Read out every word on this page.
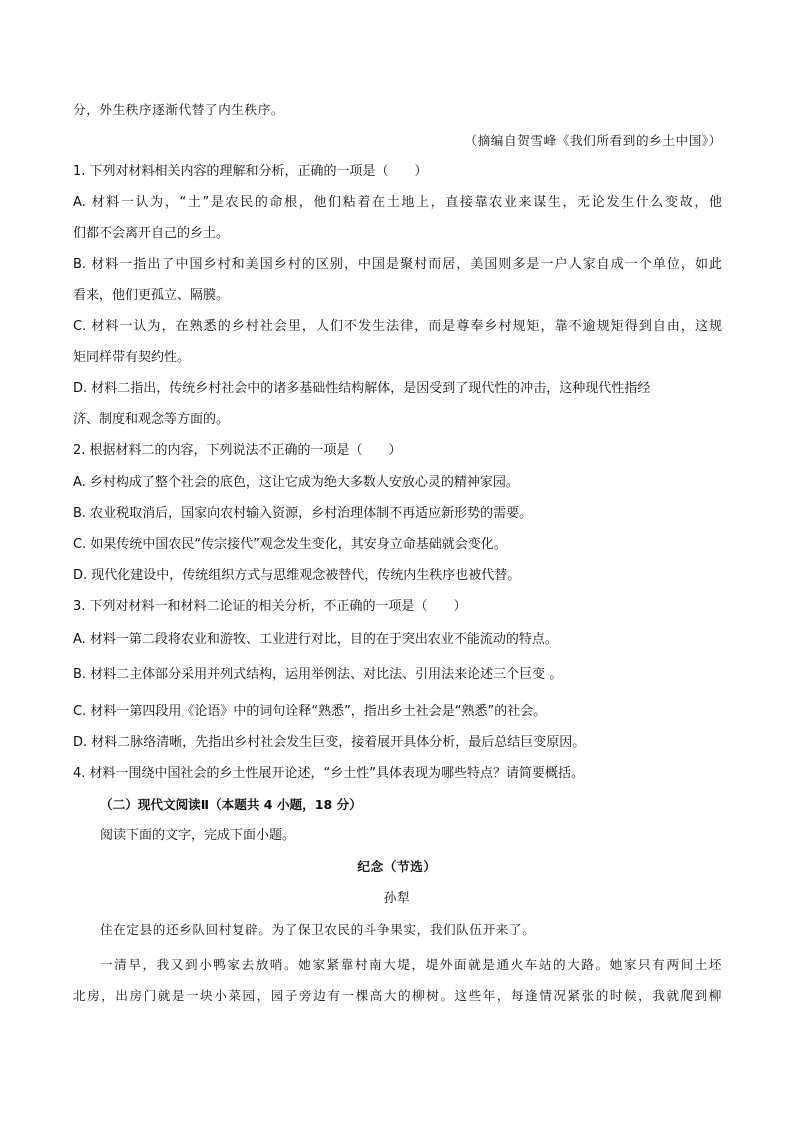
分，外生秩序逐渐代替了内生秩序。
（摘编自贺雪峰《我们所看到的乡土中国》）
1. 下列对材料相关内容的理解和分析，正确的一项是（　　）
A. 材料一认为，“土”是农民的命根，他们粘着在土地上，直接靠农业来谋生，无论发生什么变故，他
们都不会离开自己的乡土。
B. 材料一指出了中国乡村和美国乡村的区别，中国是聚村而居，美国则多是一户人家自成一个单位，如此
看来，他们更孤立、隔膜。
C. 材料一认为，在熟悉的乡村社会里，人们不发生法律，而是尊奉乡村规矩，靠不逾规矩得到自由，这规
矩同样带有契约性。
D. 材料二指出，传统乡村社会中的诸多基础性结构解体，是因受到了现代性的冲击，这种现代性指经
济、制度和观念等方面的。
2. 根据材料二的内容，下列说法不正确的一项是（　　）
A. 乡村构成了整个社会的底色，这让它成为绝大多数人安放心灵的精神家园。
B. 农业税取消后，国家向农村输入资源，乡村治理体制不再适应新形势的需要。
C. 如果传统中国农民“传宗接代”观念发生变化，其安身立命基础就会变化。
D. 现代化建设中，传统组织方式与思维观念被替代，传统内生秩序也被代替。
3. 下列对材料一和材料二论证的相关分析，不正确的一项是（　　）
A. 材料一第二段将农业和游牧、工业进行对比，目的在于突出农业不能流动的特点。
B. 材料二主体部分采用并列式结构，运用举例法、对比法、引用法来论述三个巨变 。
C. 材料一第四段用《论语》中的词句诠释“熟悉”，指出乡土社会是“熟悉”的社会。
D. 材料二脉络清晰，先指出乡村社会发生巨变，接着展开具体分析，最后总结巨变原因。
4. 材料一围绕中国社会的乡土性展开论述，“乡土性”具体表现为哪些特点？请简要概括。
（二）现代文阅读Ⅱ（本题共 4 小题，18 分）
阅读下面的文字，完成下面小题。
纪念（节选）
孙犁
住在定县的还乡队回村复辟。为了保卫农民的斗争果实，我们队伍开来了。
一清早，我又到小鸭家去放哨。她家紧靠村南大堤，堤外面就是通火车站的大路。她家只有两间土坯
北房，出房门就是一块小菜园，园子旁边有一棵高大的柳树。这些年，每逢情况紧张的时候，我就爬到柳
